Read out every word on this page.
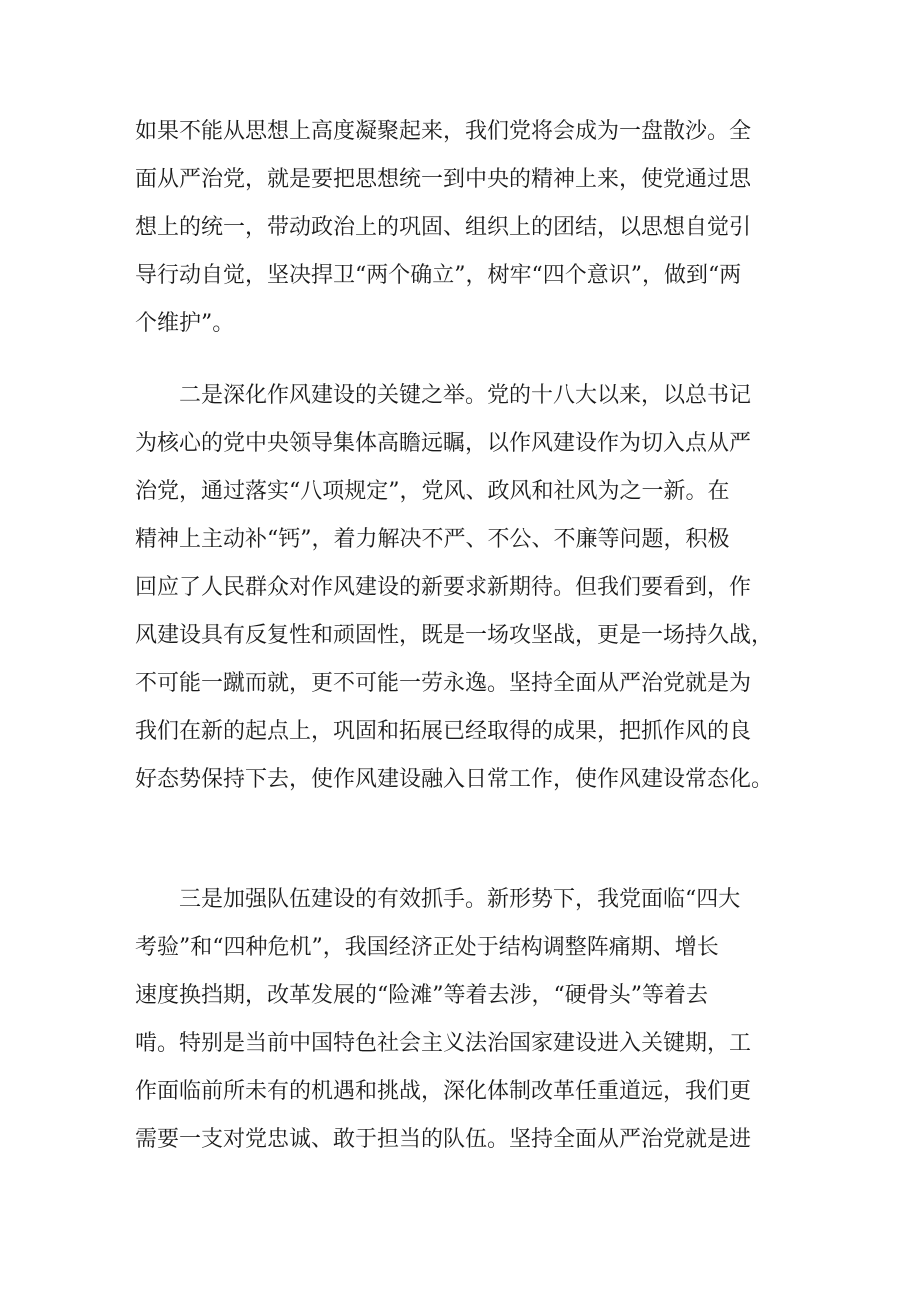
如果不能从思想上高度凝聚起来，我们党将会成为一盘散沙。全
面从严治党，就是要把思想统一到中央的精神上来，使党通过思
想上的统一，带动政治上的巩固、组织上的团结，以思想自觉引
导行动自觉，坚决捍卫“两个确立”，树牢“四个意识”，做到“两
个维护”。
　　二是深化作风建设的关键之举。党的十八大以来，以总书记
为核心的党中央领导集体高瞻远瞩，以作风建设作为切入点从严
治党，通过落实“八项规定”，党风、政风和社风为之一新。在
精神上主动补“钙”，着力解决不严、不公、不廉等问题，积极
回应了人民群众对作风建设的新要求新期待。但我们要看到，作
风建设具有反复性和顽固性，既是一场攻坚战，更是一场持久战，
不可能一蹴而就，更不可能一劳永逸。坚持全面从严治党就是为
我们在新的起点上，巩固和拓展已经取得的成果，把抓作风的良
好态势保持下去，使作风建设融入日常工作，使作风建设常态化。
　　三是加强队伍建设的有效抓手。新形势下，我党面临“四大
考验”和“四种危机”，我国经济正处于结构调整阵痛期、增长
速度换挡期，改革发展的“险滩”等着去涉，“硬骨头”等着去
啃。特别是当前中国特色社会主义法治国家建设进入关键期，工
作面临前所未有的机遇和挑战，深化体制改革任重道远，我们更
需要一支对党忠诚、敢于担当的队伍。坚持全面从严治党就是进
